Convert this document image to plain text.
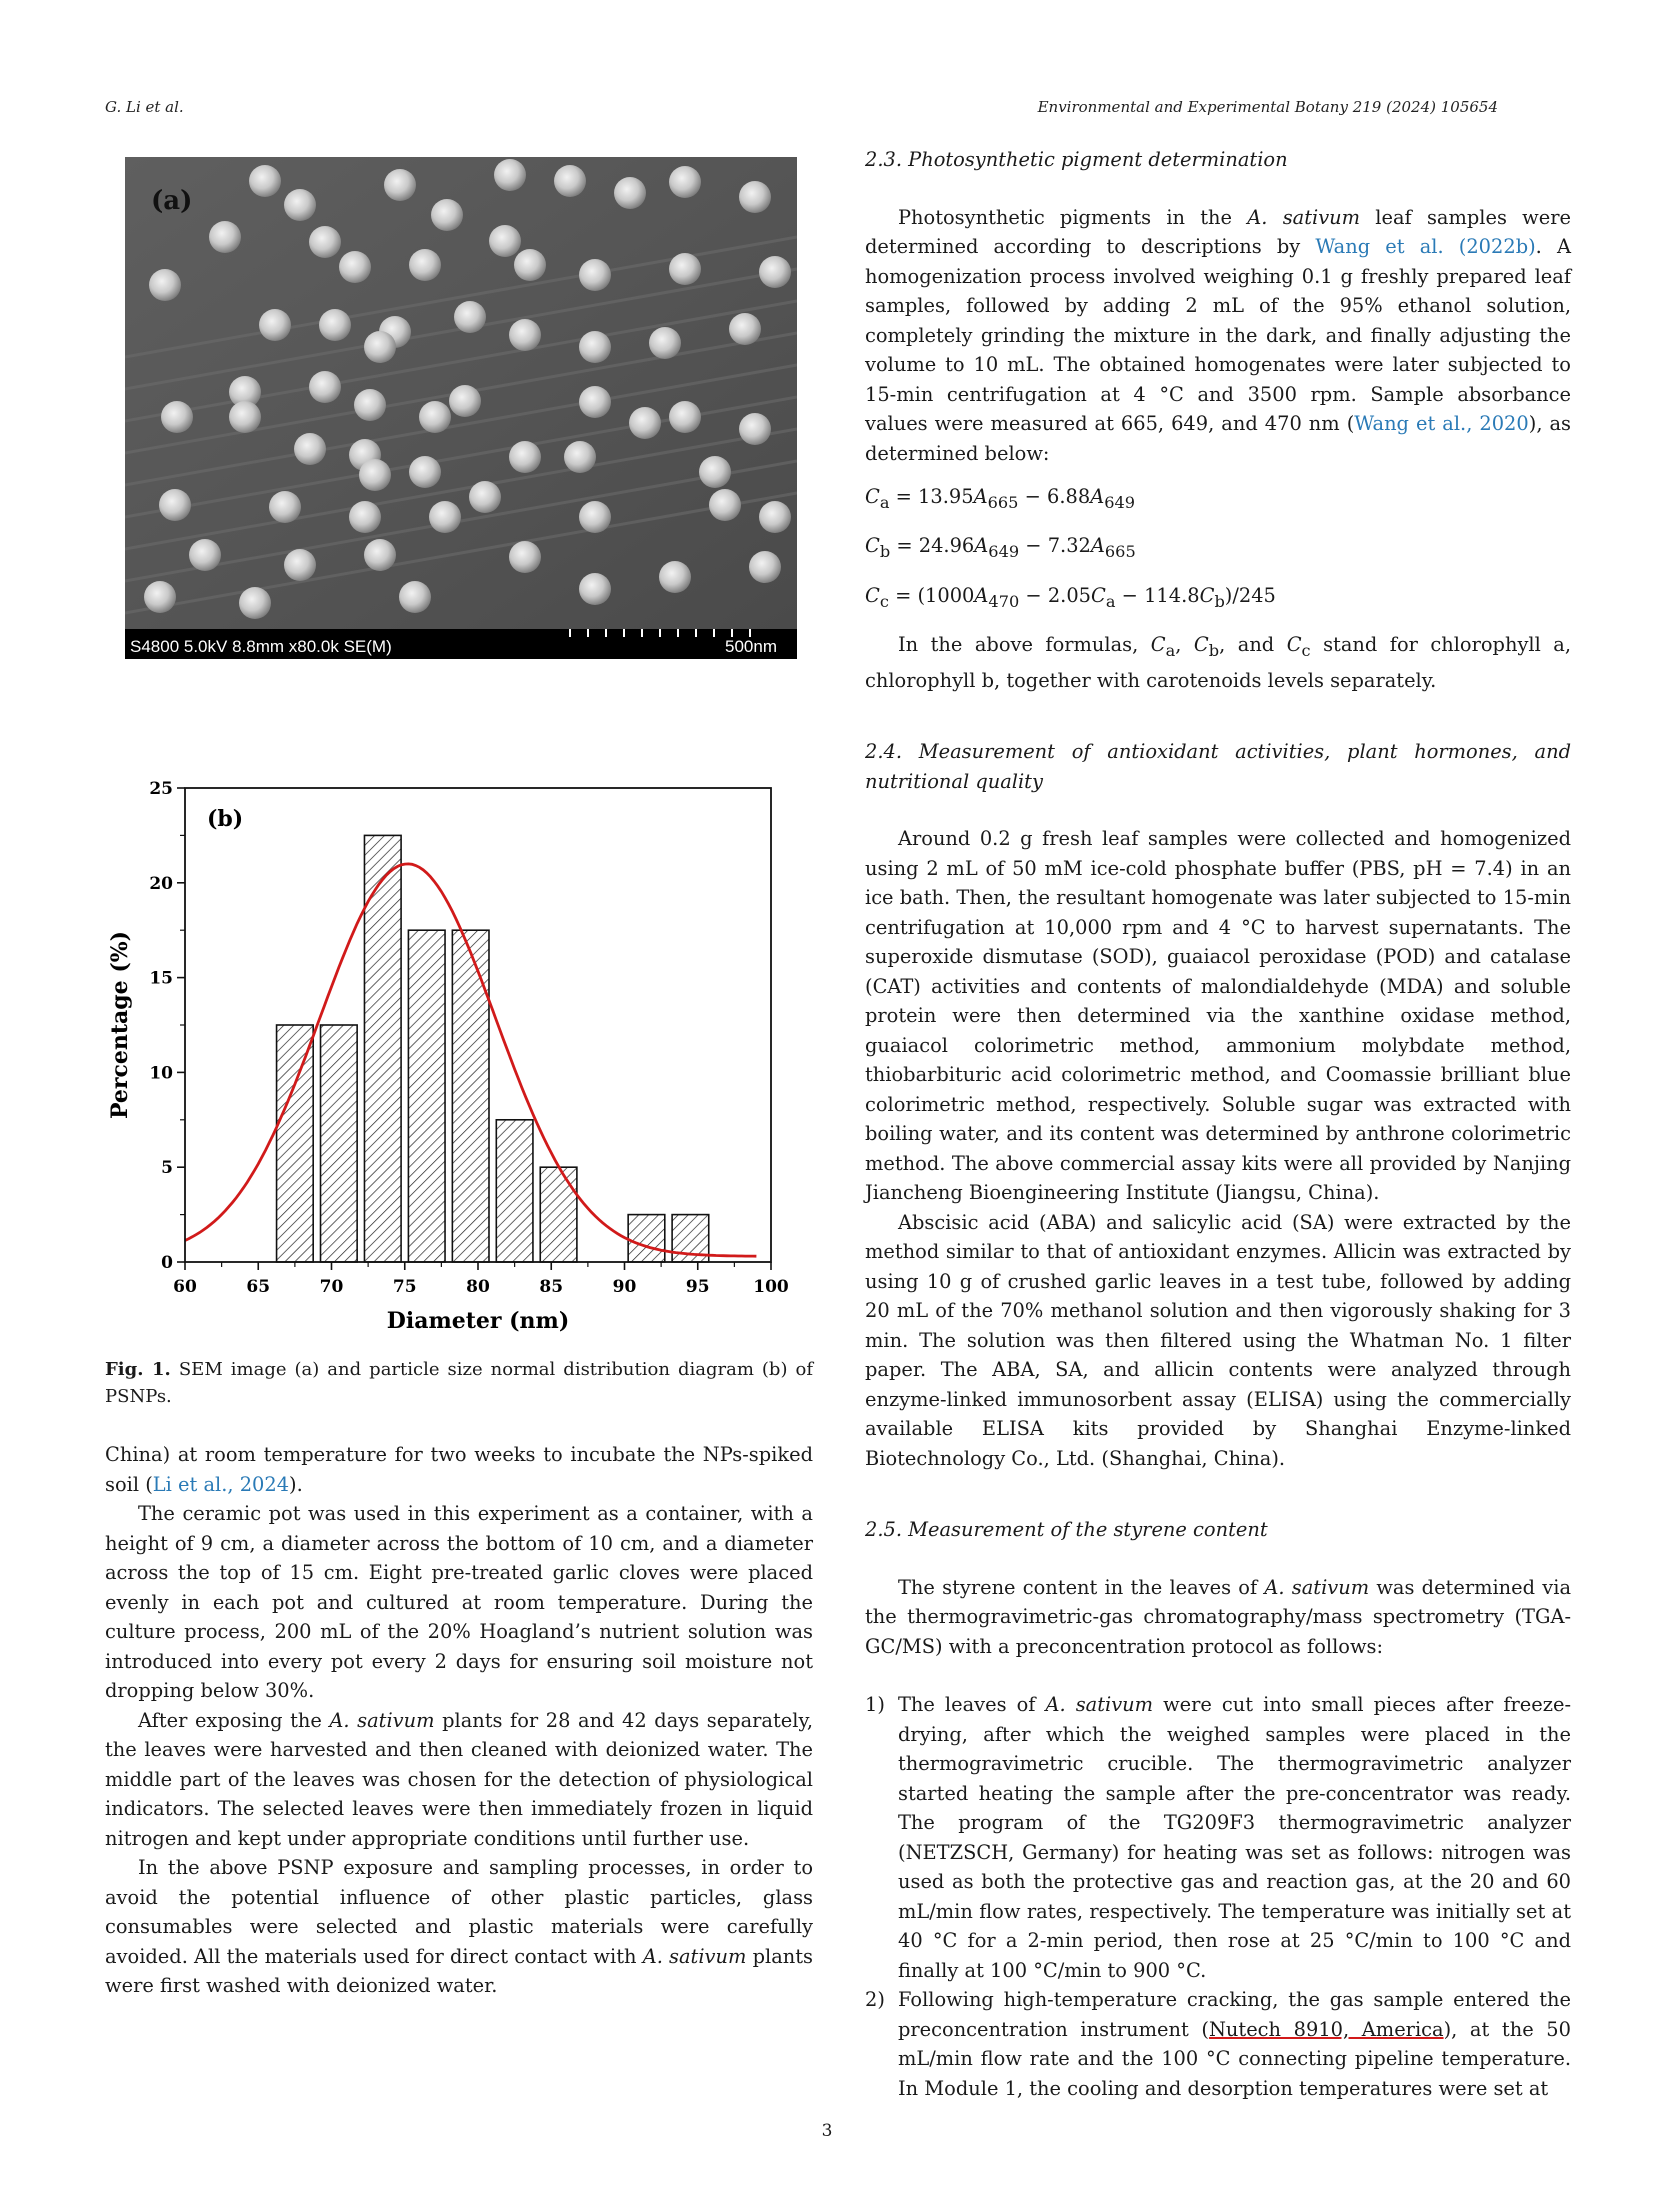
G. Li et al.	Environmental and Experimental Botany 219 (2024) 105654
(a)
S4800 5.0kV 8.8mm x80.0k SE(M)	500nm
60	65	70	75	80	85	90	95	100
0
5
10
15
20
25
Diameter (nm)
Percentage (%)
(b)
Fig. 1. SEM image (a) and particle size normal distribution diagram (b) of PSNPs.

China) at room temperature for two weeks to incubate the NPs-spiked soil (Li et al., 2024).

The ceramic pot was used in this experiment as a container, with a height of 9 cm, a diameter across the bottom of 10 cm, and a diameter across the top of 15 cm. Eight pre-treated garlic cloves were placed evenly in each pot and cultured at room temperature. During the culture process, 200 mL of the 20% Hoagland’s nutrient solution was introduced into every pot every 2 days for ensuring soil moisture not dropping below 30%.

After exposing the A. sativum plants for 28 and 42 days separately, the leaves were harvested and then cleaned with deionized water. The middle part of the leaves was chosen for the detection of physiological indicators. The selected leaves were then immediately frozen in liquid nitrogen and kept under appropriate conditions until further use.

In the above PSNP exposure and sampling processes, in order to avoid the potential influence of other plastic particles, glass consumables were selected and plastic materials were carefully avoided. All the materials used for direct contact with A. sativum plants were first washed with deionized water.

2.3. Photosynthetic pigment determination

Photosynthetic pigments in the A. sativum leaf samples were determined according to descriptions by Wang et al. (2022b). A homogenization process involved weighing 0.1 g freshly prepared leaf samples, followed by adding 2 mL of the 95% ethanol solution, completely grinding the mixture in the dark, and finally adjusting the volume to 10 mL. The obtained homogenates were later subjected to 15-min centrifugation at 4 °C and 3500 rpm. Sample absorbance values were measured at 665, 649, and 470 nm (Wang et al., 2020), as determined below:

$C_a = 13.95A_{665} - 6.88A_{649}$

$C_b = 24.96A_{649} - 7.32A_{665}$

$C_c = (1000A_{470} - 2.05C_a - 114.8C_b)/245$

In the above formulas, $C_a$, $C_b$, and $C_c$ stand for chlorophyll a, chlorophyll b, together with carotenoids levels separately.

2.4. Measurement of antioxidant activities, plant hormones, and nutritional quality

Around 0.2 g fresh leaf samples were collected and homogenized using 2 mL of 50 mM ice-cold phosphate buffer (PBS, pH = 7.4) in an ice bath. Then, the resultant homogenate was later subjected to 15-min centrifugation at 10,000 rpm and 4 °C to harvest supernatants. The superoxide dismutase (SOD), guaiacol peroxidase (POD) and catalase (CAT) activities and contents of malondialdehyde (MDA) and soluble protein were then determined via the xanthine oxidase method, guaiacol colorimetric method, ammonium molybdate method, thiobarbituric acid colorimetric method, and Coomassie brilliant blue colorimetric method, respectively. Soluble sugar was extracted with boiling water, and its content was determined by anthrone colorimetric method. The above commercial assay kits were all provided by Nanjing Jiancheng Bioengineering Institute (Jiangsu, China).

Abscisic acid (ABA) and salicylic acid (SA) were extracted by the method similar to that of antioxidant enzymes. Allicin was extracted by using 10 g of crushed garlic leaves in a test tube, followed by adding 20 mL of the 70% methanol solution and then vigorously shaking for 3 min. The solution was then filtered using the Whatman No. 1 filter paper. The ABA, SA, and allicin contents were analyzed through enzyme-linked immunosorbent assay (ELISA) using the commercially available ELISA kits provided by Shanghai Enzyme-linked Biotechnology Co., Ltd. (Shanghai, China).

2.5. Measurement of the styrene content

The styrene content in the leaves of A. sativum was determined via the thermogravimetric-gas chromatography/mass spectrometry (TGA-GC/MS) with a preconcentration protocol as follows:

1) The leaves of A. sativum were cut into small pieces after freeze-drying, after which the weighed samples were placed in the thermogravimetric crucible. The thermogravimetric analyzer started heating the sample after the pre-concentrator was ready. The program of the TG209F3 thermogravimetric analyzer (NETZSCH, Germany) for heating was set as follows: nitrogen was used as both the protective gas and reaction gas, at the 20 and 60 mL/min flow rates, respectively. The temperature was initially set at 40 °C for a 2-min period, then rose at 25 °C/min to 100 °C and finally at 100 °C/min to 900 °C.
2) Following high-temperature cracking, the gas sample entered the preconcentration instrument (Nutech 8910, America), at the 50 mL/min flow rate and the 100 °C connecting pipeline temperature. In Module 1, the cooling and desorption temperatures were set at
3
